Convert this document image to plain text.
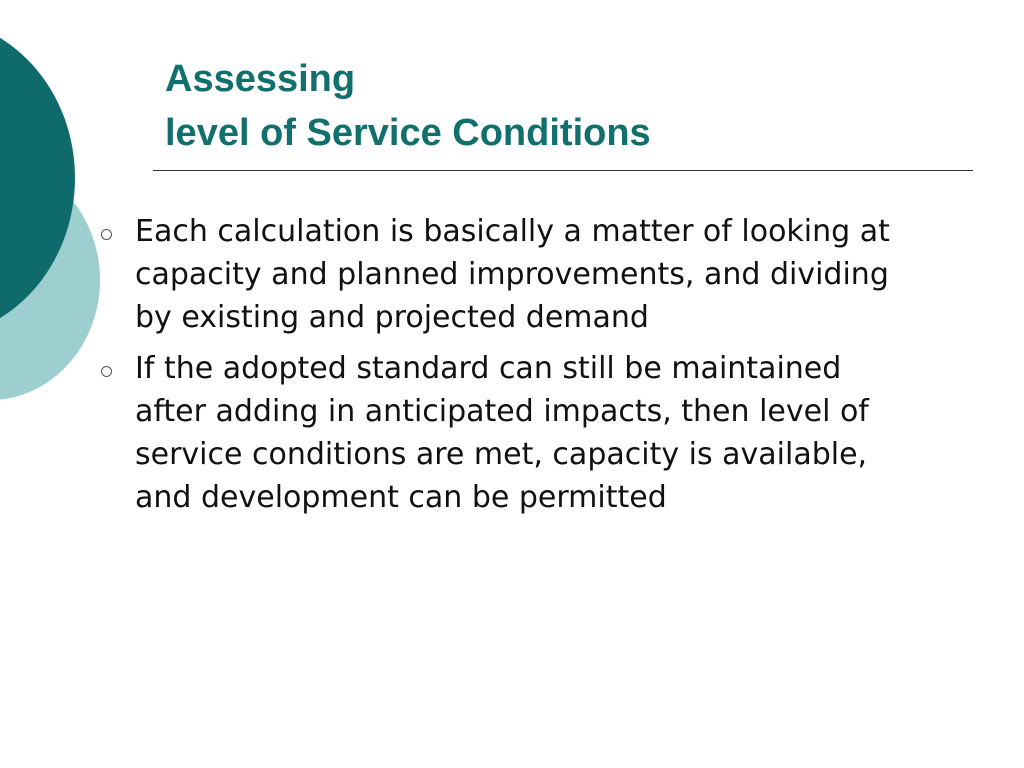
Assessing
level of Service Conditions
Each calculation is basically a matter of looking at capacity and planned improvements, and dividing by existing and projected demand
If the adopted standard can still be maintained after adding in anticipated impacts, then level of service conditions are met, capacity is available, and development can be permitted
